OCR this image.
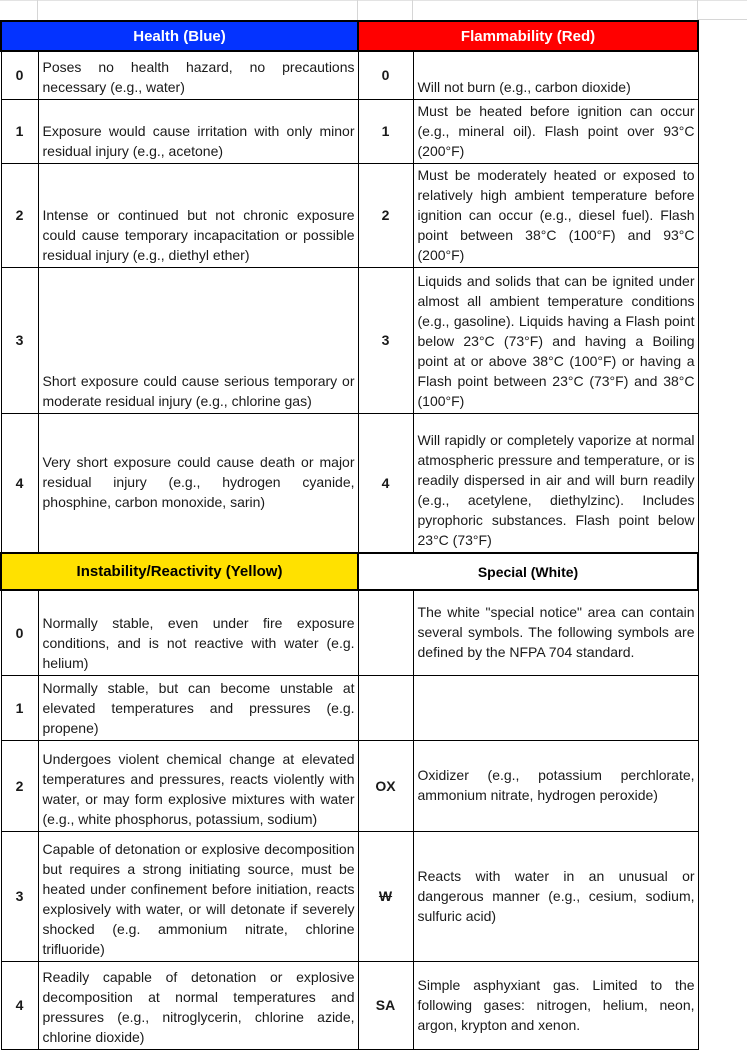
Health (Blue)		Flammability (Red)	
0	Poses no health hazard, no precautions necessary (e.g., water)	0	Will not burn (e.g., carbon dioxide)
1	Exposure would cause irritation with only minor residual injury (e.g., acetone)	1	Must be heated before ignition can occur (e.g., mineral oil). Flash point over 93°C (200°F)
2	Intense or continued but not chronic exposure could cause temporary incapacitation or possible residual injury (e.g., diethyl ether)	2	Must be moderately heated or exposed to relatively high ambient temperature before ignition can occur (e.g., diesel fuel). Flash point between 38°C (100°F) and 93°C (200°F)
3	Short exposure could cause serious temporary or moderate residual injury (e.g., chlorine gas)	3	Liquids and solids that can be ignited under almost all ambient temperature conditions (e.g., gasoline). Liquids having a Flash point below 23°C (73°F) and having a Boiling point at or above 38°C (100°F) or having a Flash point between 23°C (73°F) and 38°C (100°F)
4	Very short exposure could cause death or major residual injury (e.g., hydrogen cyanide, phosphine, carbon monoxide, sarin)	4	Will rapidly or completely vaporize at normal atmospheric pressure and temperature, or is readily dispersed in air and will burn readily (e.g., acetylene, diethylzinc). Includes pyrophoric substances. Flash point below 23°C (73°F)
Instability/Reactivity (Yellow)		Special (White)	
0	Normally stable, even under fire exposure conditions, and is not reactive with water (e.g. helium)		The white "special notice" area can contain several symbols. The following symbols are defined by the NFPA 704 standard.
1	Normally stable, but can become unstable at elevated temperatures and pressures (e.g. propene)		
2	Undergoes violent chemical change at elevated temperatures and pressures, reacts violently with water, or may form explosive mixtures with water (e.g., white phosphorus, potassium, sodium)	OX	Oxidizer (e.g., potassium perchlorate, ammonium nitrate, hydrogen peroxide)
3	Capable of detonation or explosive decomposition but requires a strong initiating source, must be heated under confinement before initiation, reacts explosively with water, or will detonate if severely shocked (e.g. ammonium nitrate, chlorine trifluoride)	W	Reacts with water in an unusual or dangerous manner (e.g., cesium, sodium, sulfuric acid)
4	Readily capable of detonation or explosive decomposition at normal temperatures and pressures (e.g., nitroglycerin, chlorine azide, chlorine dioxide)	SA	Simple asphyxiant gas. Limited to the following gases: nitrogen, helium, neon, argon, krypton and xenon.
